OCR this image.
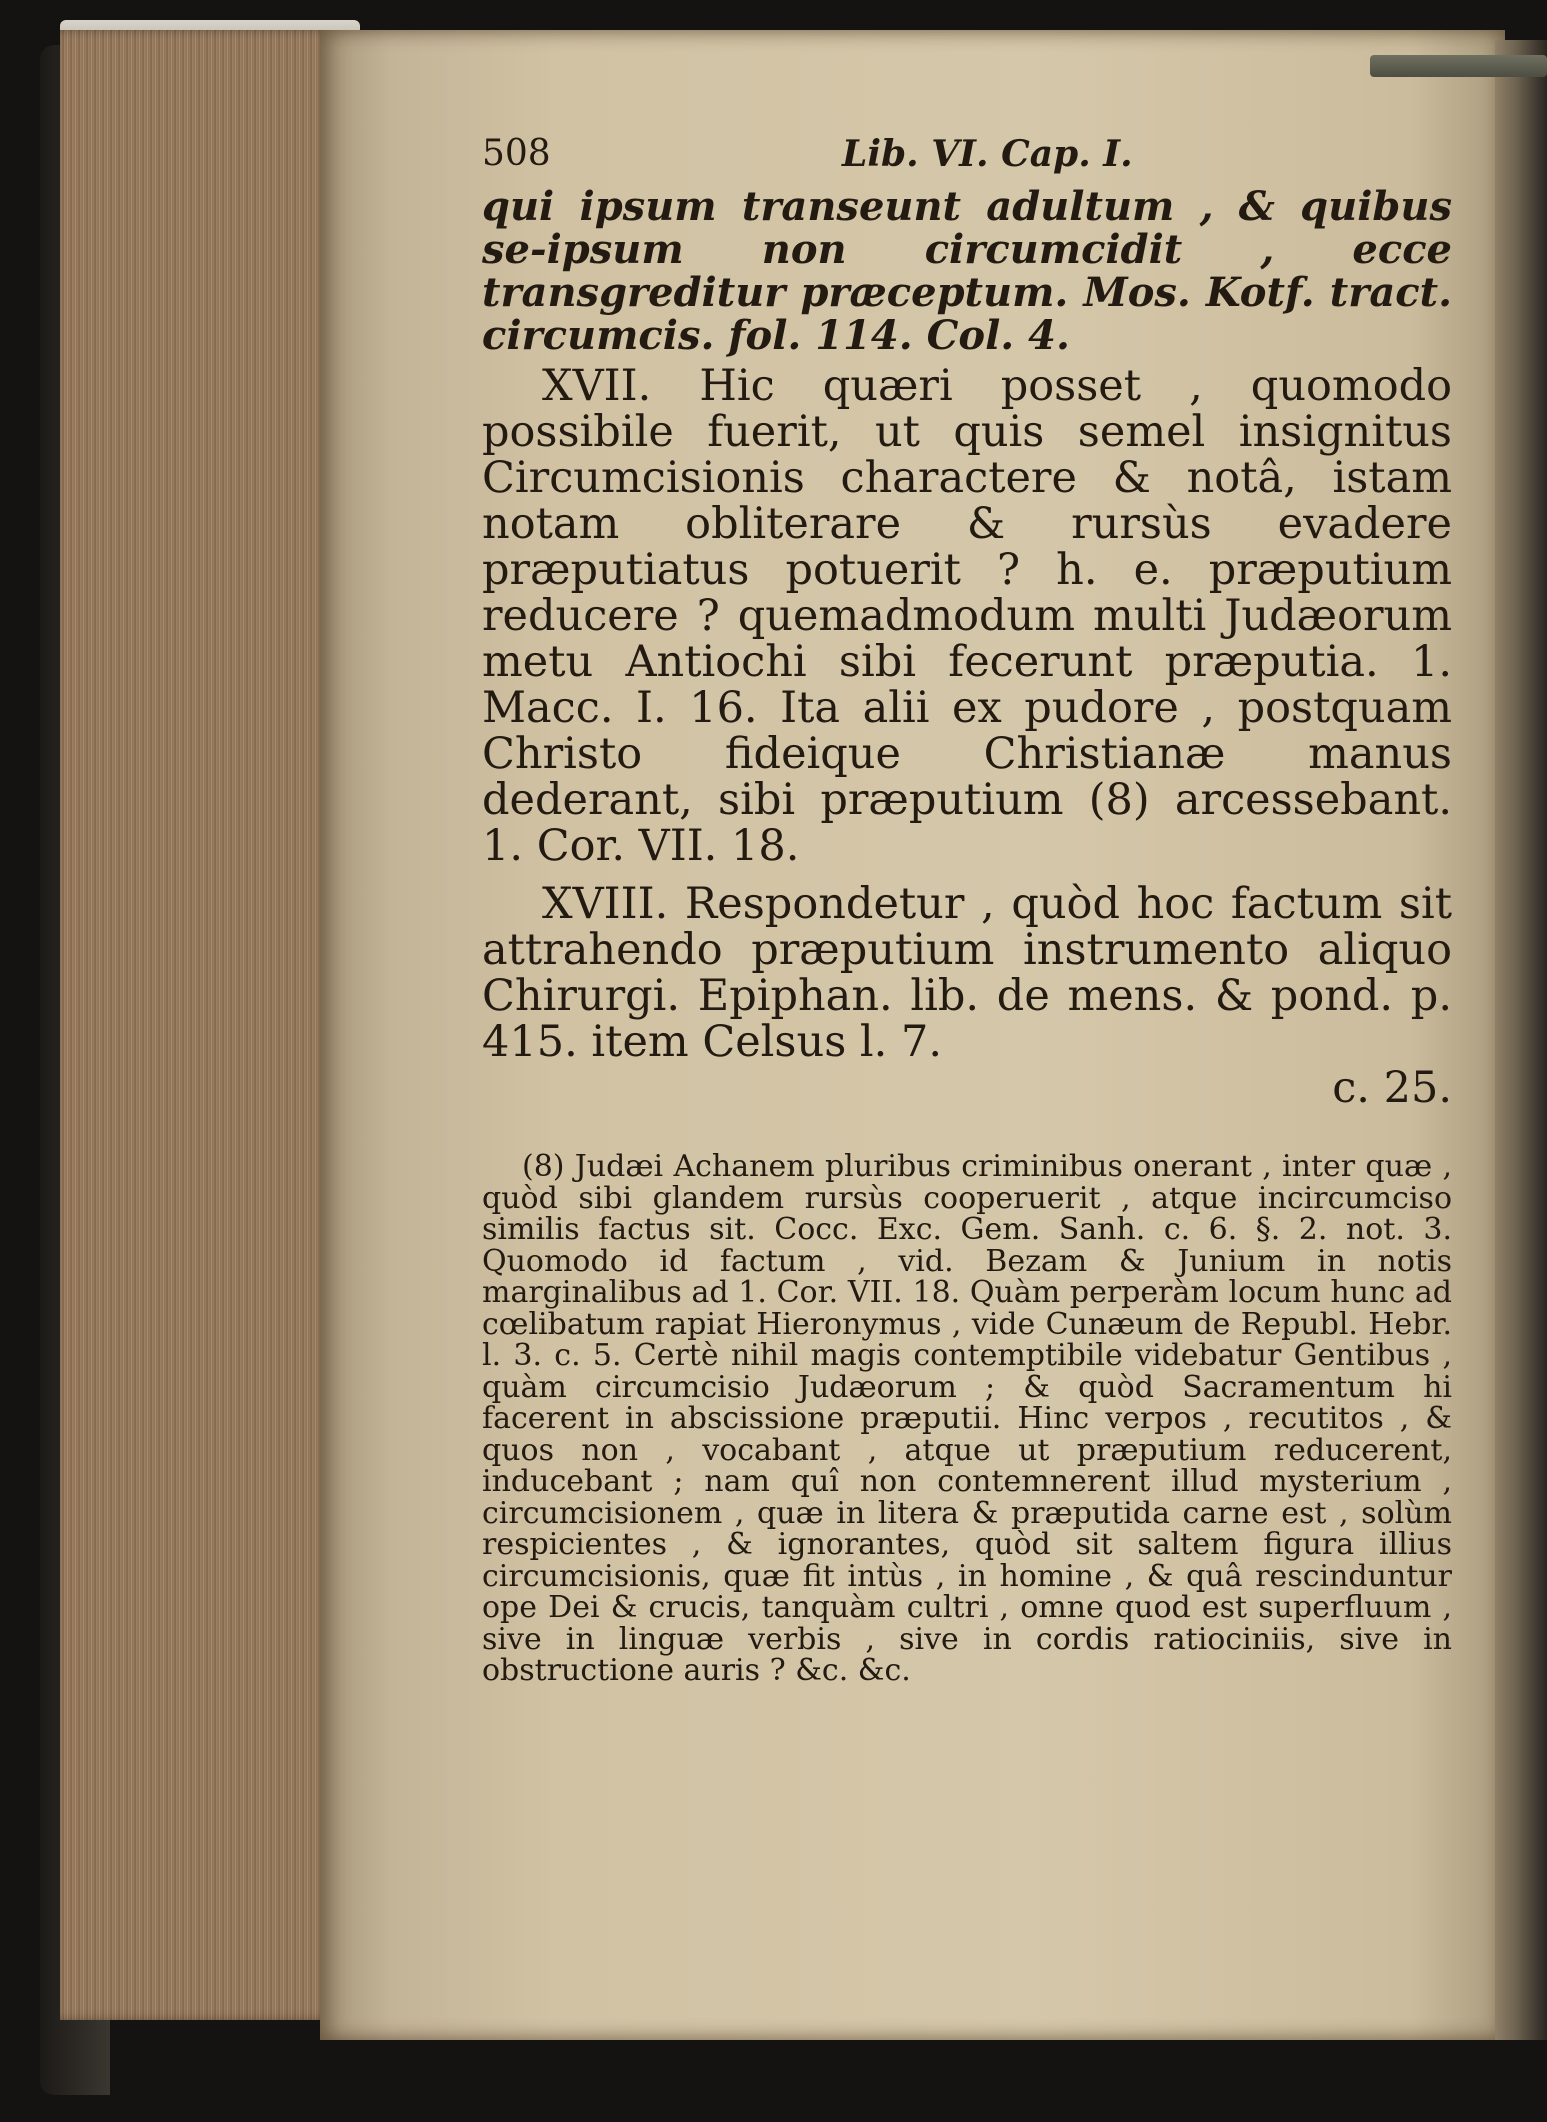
508	Lib. VI. Cap. I.

qui ipsum transeunt adultum , & quibus se-ipsum non circumcidit , ecce transgreditur præceptum. Mos. Kotf. tract. circumcis. fol. 114. Col. 4.

XVII. Hic quæri posset , quomodo possibile fuerit, ut quis semel insignitus Circumcisionis charactere & notâ, istam notam obliterare & rursùs evadere præputiatus potuerit ? h. e. præputium reducere ? quemadmodum multi Judæorum metu Antiochi sibi fecerunt præputia. 1. Macc. I. 16. Ita alii ex pudore , postquam Christo fideique Christianæ manus dederant, sibi præputium (8) arcessebant. 1. Cor. VII. 18.

XVIII. Respondetur , quòd hoc factum sit attrahendo præputium instrumento aliquo Chirurgi. Epiphan. lib. de mens. & pond. p. 415. item Celsus l. 7.

c. 25.

(8) Judæi Achanem pluribus criminibus onerant , inter quæ , quòd sibi glandem rursùs cooperuerit , atque incircumciso similis factus sit. Cocc. Exc. Gem. Sanh. c. 6. §. 2. not. 3. Quomodo id factum , vid. Bezam & Junium in notis marginalibus ad 1. Cor. VII. 18. Quàm perperàm locum hunc ad cœlibatum rapiat Hieronymus , vide Cunæum de Republ. Hebr. l. 3. c. 5. Certè nihil magis contemptibile videbatur Gentibus , quàm circumcisio Judæorum ; & quòd Sacramentum hi facerent in abscissione præputii. Hinc verpos , recutitos , & quos non , vocabant , atque ut præputium reducerent, inducebant ; nam quî non contemnerent illud mysterium , circumcisionem , quæ in litera & præputida carne est , solùm respicientes , & ignorantes, quòd sit saltem figura illius circumcisionis, quæ fit intùs , in homine , & quâ rescinduntur ope Dei & crucis, tanquàm cultri , omne quod est superfluum , sive in linguæ verbis , sive in cordis ratiociniis, sive in obstructione auris ? &c. &c.
